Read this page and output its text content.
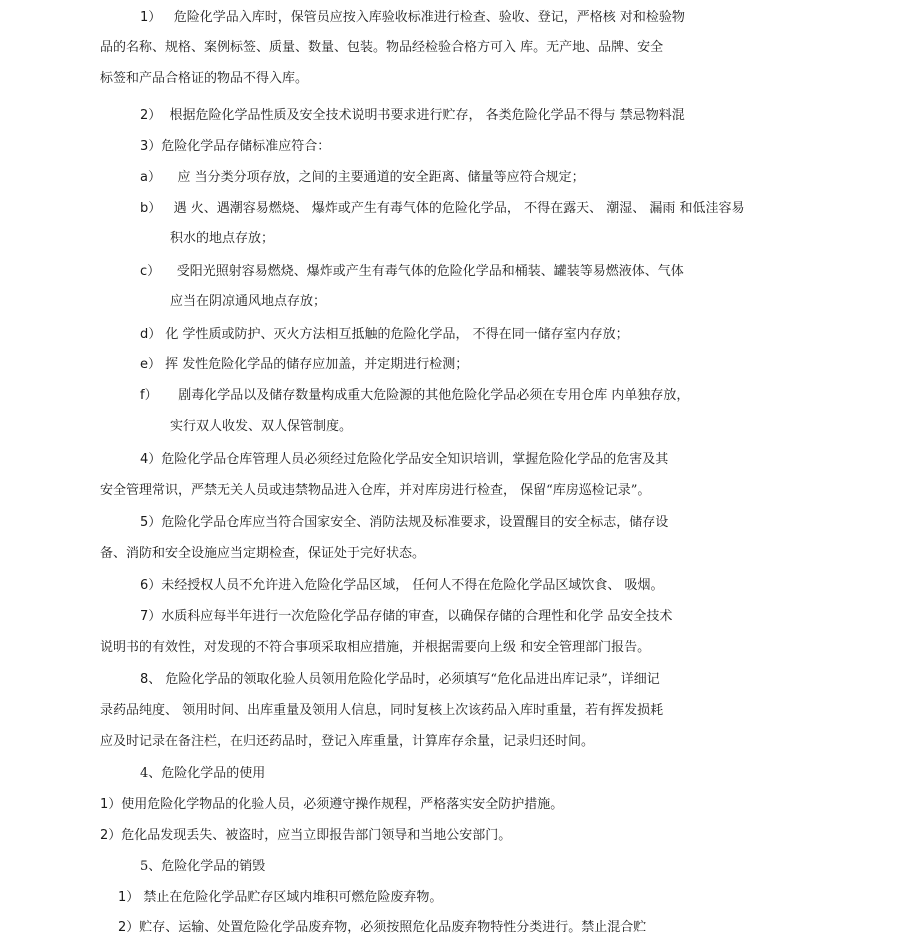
1） 危险化学品入库时，保管员应按入库验收标准进行检查、验收、登记，严格核 对和检验物
品的名称、规格、案例标签、质量、数量、包装。物品经检验合格方可入 库。无产地、品牌、安全
标签和产品合格证的物品不得入库。
2） 根据危险化学品性质及安全技术说明书要求进行贮存， 各类危险化学品不得与 禁忌物料混
3）危险化学品存储标准应符合：
a） 应 当分类分项存放，之间的主要通道的安全距离、储量等应符合规定；
b） 遇 火、遇潮容易燃烧、 爆炸或产生有毒气体的危险化学品， 不得在露天、 潮湿、 漏雨 和低洼容易
积水的地点存放；
c） 受阳光照射容易燃烧、爆炸或产生有毒气体的危险化学品和桶装、罐装等易燃液体、气体
应当在阴凉通风地点存放；
d） 化 学性质或防护、灭火方法相互抵触的危险化学品， 不得在同一储存室内存放；
e） 挥 发性危险化学品的储存应加盖，并定期进行检测；
f） 剧毒化学品以及储存数量构成重大危险源的其他危险化学品必须在专用仓库 内单独存放，
实行双人收发、双人保管制度。
4）危险化学品仓库管理人员必须经过危险化学品安全知识培训，掌握危险化学品的危害及其
安全管理常识，严禁无关人员或违禁物品进入仓库，并对库房进行检查， 保留“库房巡检记录”。
5）危险化学品仓库应当符合国家安全、消防法规及标准要求，设置醒目的安全标志，储存设
备、消防和安全设施应当定期检查，保证处于完好状态。
6）未经授权人员不允许进入危险化学品区域， 任何人不得在危险化学品区域饮食、 吸烟。
7）水质科应每半年进行一次危险化学品存储的审查，以确保存储的合理性和化学 品安全技术
说明书的有效性，对发现的不符合事项采取相应措施，并根据需要向上级 和安全管理部门报告。
8、 危险化学品的领取化验人员领用危险化学品时，必须填写“危化品进出库记录”，详细记
录药品纯度、 领用时间、出库重量及领用人信息，同时复核上次该药品入库时重量，若有挥发损耗
应及时记录在备注栏，在归还药品时，登记入库重量，计算库存余量，记录归还时间。
4、危险化学品的使用
1）使用危险化学物品的化验人员，必须遵守操作规程，严格落实安全防护措施。
2）危化品发现丢失、被盗时，应当立即报告部门领导和当地公安部门。
5、危险化学品的销毁
1） 禁止在危险化学品贮存区域内堆积可燃危险废弃物。
2）贮存、运输、处置危险化学品废弃物，必须按照危化品废弃物特性分类进行。禁止混合贮
